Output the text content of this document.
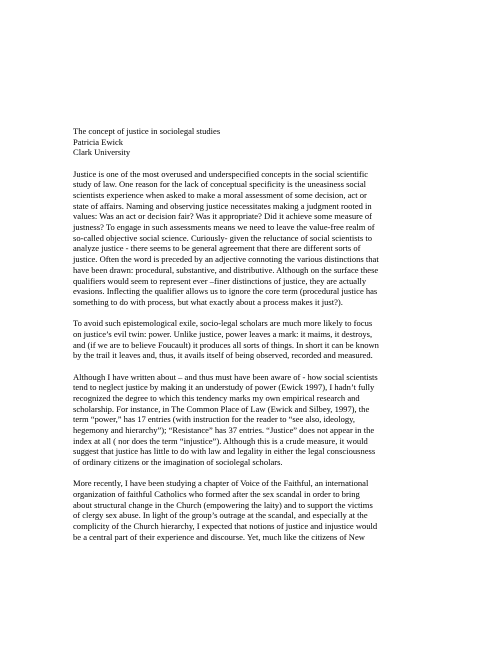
The concept of justice in sociolegal studies
Patricia Ewick
Clark University
Justice is one of the most overused and underspecified concepts in the social scientific
study of law. One reason for the lack of conceptual specificity is the uneasiness social
scientists experience when asked to make a moral assessment of some decision, act or
state of affairs. Naming and observing justice necessitates making a judgment rooted in
values: Was an act or decision fair? Was it appropriate? Did it achieve some measure of
justness? To engage in such assessments means we need to leave the value-free realm of
so-called objective social science. Curiously- given the reluctance of social scientists to
analyze justice - there seems to be general agreement that there are different sorts of
justice. Often the word is preceded by an adjective connoting the various distinctions that
have been drawn: procedural, substantive, and distributive. Although on the surface these
qualifiers would seem to represent ever –finer distinctions of justice, they are actually
evasions. Inflecting the qualifier allows us to ignore the core term (procedural justice has
something to do with process, but what exactly about a process makes it just?).
To avoid such epistemological exile, socio-legal scholars are much more likely to focus
on justice’s evil twin: power. Unlike justice, power leaves a mark: it maims, it destroys,
and (if we are to believe Foucault) it produces all sorts of things. In short it can be known
by the trail it leaves and, thus, it avails itself of being observed, recorded and measured.
Although I have written about – and thus must have been aware of - how social scientists
tend to neglect justice by making it an understudy of power (Ewick 1997), I hadn’t fully
recognized the degree to which this tendency marks my own empirical research and
scholarship. For instance, in The Common Place of Law (Ewick and Silbey, 1997), the
term “power,” has 17 entries (with instruction for the reader to “see also, ideology,
hegemony and hierarchy”); “Resistance” has 37 entries. “Justice” does not appear in the
index at all ( nor does the term “injustice”). Although this is a crude measure, it would
suggest that justice has little to do with law and legality in either the legal consciousness
of ordinary citizens or the imagination of sociolegal scholars.
More recently, I have been studying a chapter of Voice of the Faithful, an international
organization of faithful Catholics who formed after the sex scandal in order to bring
about structural change in the Church (empowering the laity) and to support the victims
of clergy sex abuse. In light of the group’s outrage at the scandal, and especially at the
complicity of the Church hierarchy, I expected that notions of justice and injustice would
be a central part of their experience and discourse. Yet, much like the citizens of New
